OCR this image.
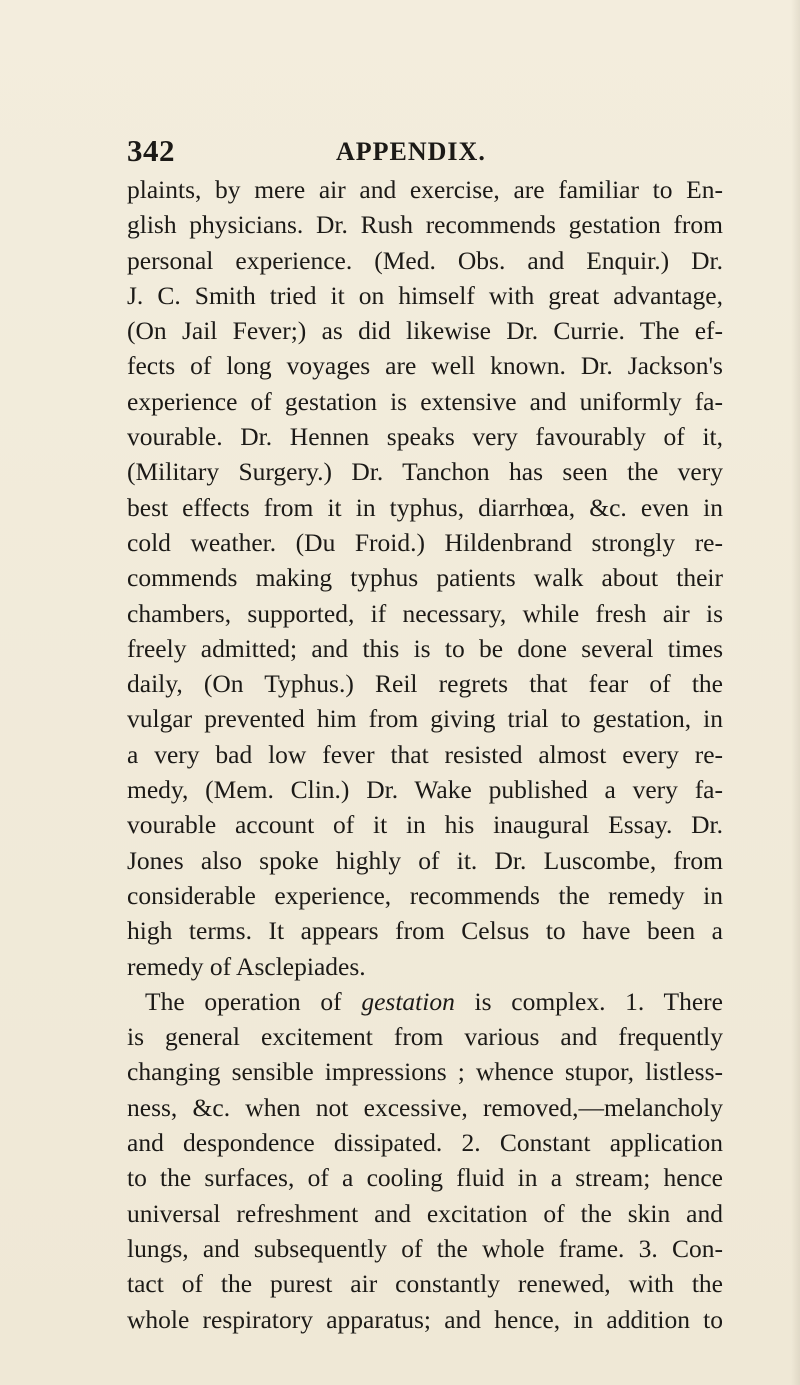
342	APPENDIX.
plaints, by mere air and exercise, are familiar to En-
glish physicians. Dr. Rush recommends gestation from
personal experience. (Med. Obs. and Enquir.) Dr.
J. C. Smith tried it on himself with great advantage,
(On Jail Fever;) as did likewise Dr. Currie. The ef-
fects of long voyages are well known. Dr. Jackson's
experience of gestation is extensive and uniformly fa-
vourable. Dr. Hennen speaks very favourably of it,
(Military Surgery.) Dr. Tanchon has seen the very
best effects from it in typhus, diarrhœa, &c. even in
cold weather. (Du Froid.) Hildenbrand strongly re-
commends making typhus patients walk about their
chambers, supported, if necessary, while fresh air is
freely admitted; and this is to be done several times
daily, (On Typhus.) Reil regrets that fear of the
vulgar prevented him from giving trial to gestation, in
a very bad low fever that resisted almost every re-
medy, (Mem. Clin.) Dr. Wake published a very fa-
vourable account of it in his inaugural Essay. Dr.
Jones also spoke highly of it. Dr. Luscombe, from
considerable experience, recommends the remedy in
high terms. It appears from Celsus to have been a
remedy of Asclepiades.
The operation of gestation is complex. 1. There
is general excitement from various and frequently
changing sensible impressions ; whence stupor, listless-
ness, &c. when not excessive, removed,—melancholy
and despondence dissipated. 2. Constant application
to the surfaces, of a cooling fluid in a stream; hence
universal refreshment and excitation of the skin and
lungs, and subsequently of the whole frame. 3. Con-
tact of the purest air constantly renewed, with the
whole respiratory apparatus; and hence, in addition to
